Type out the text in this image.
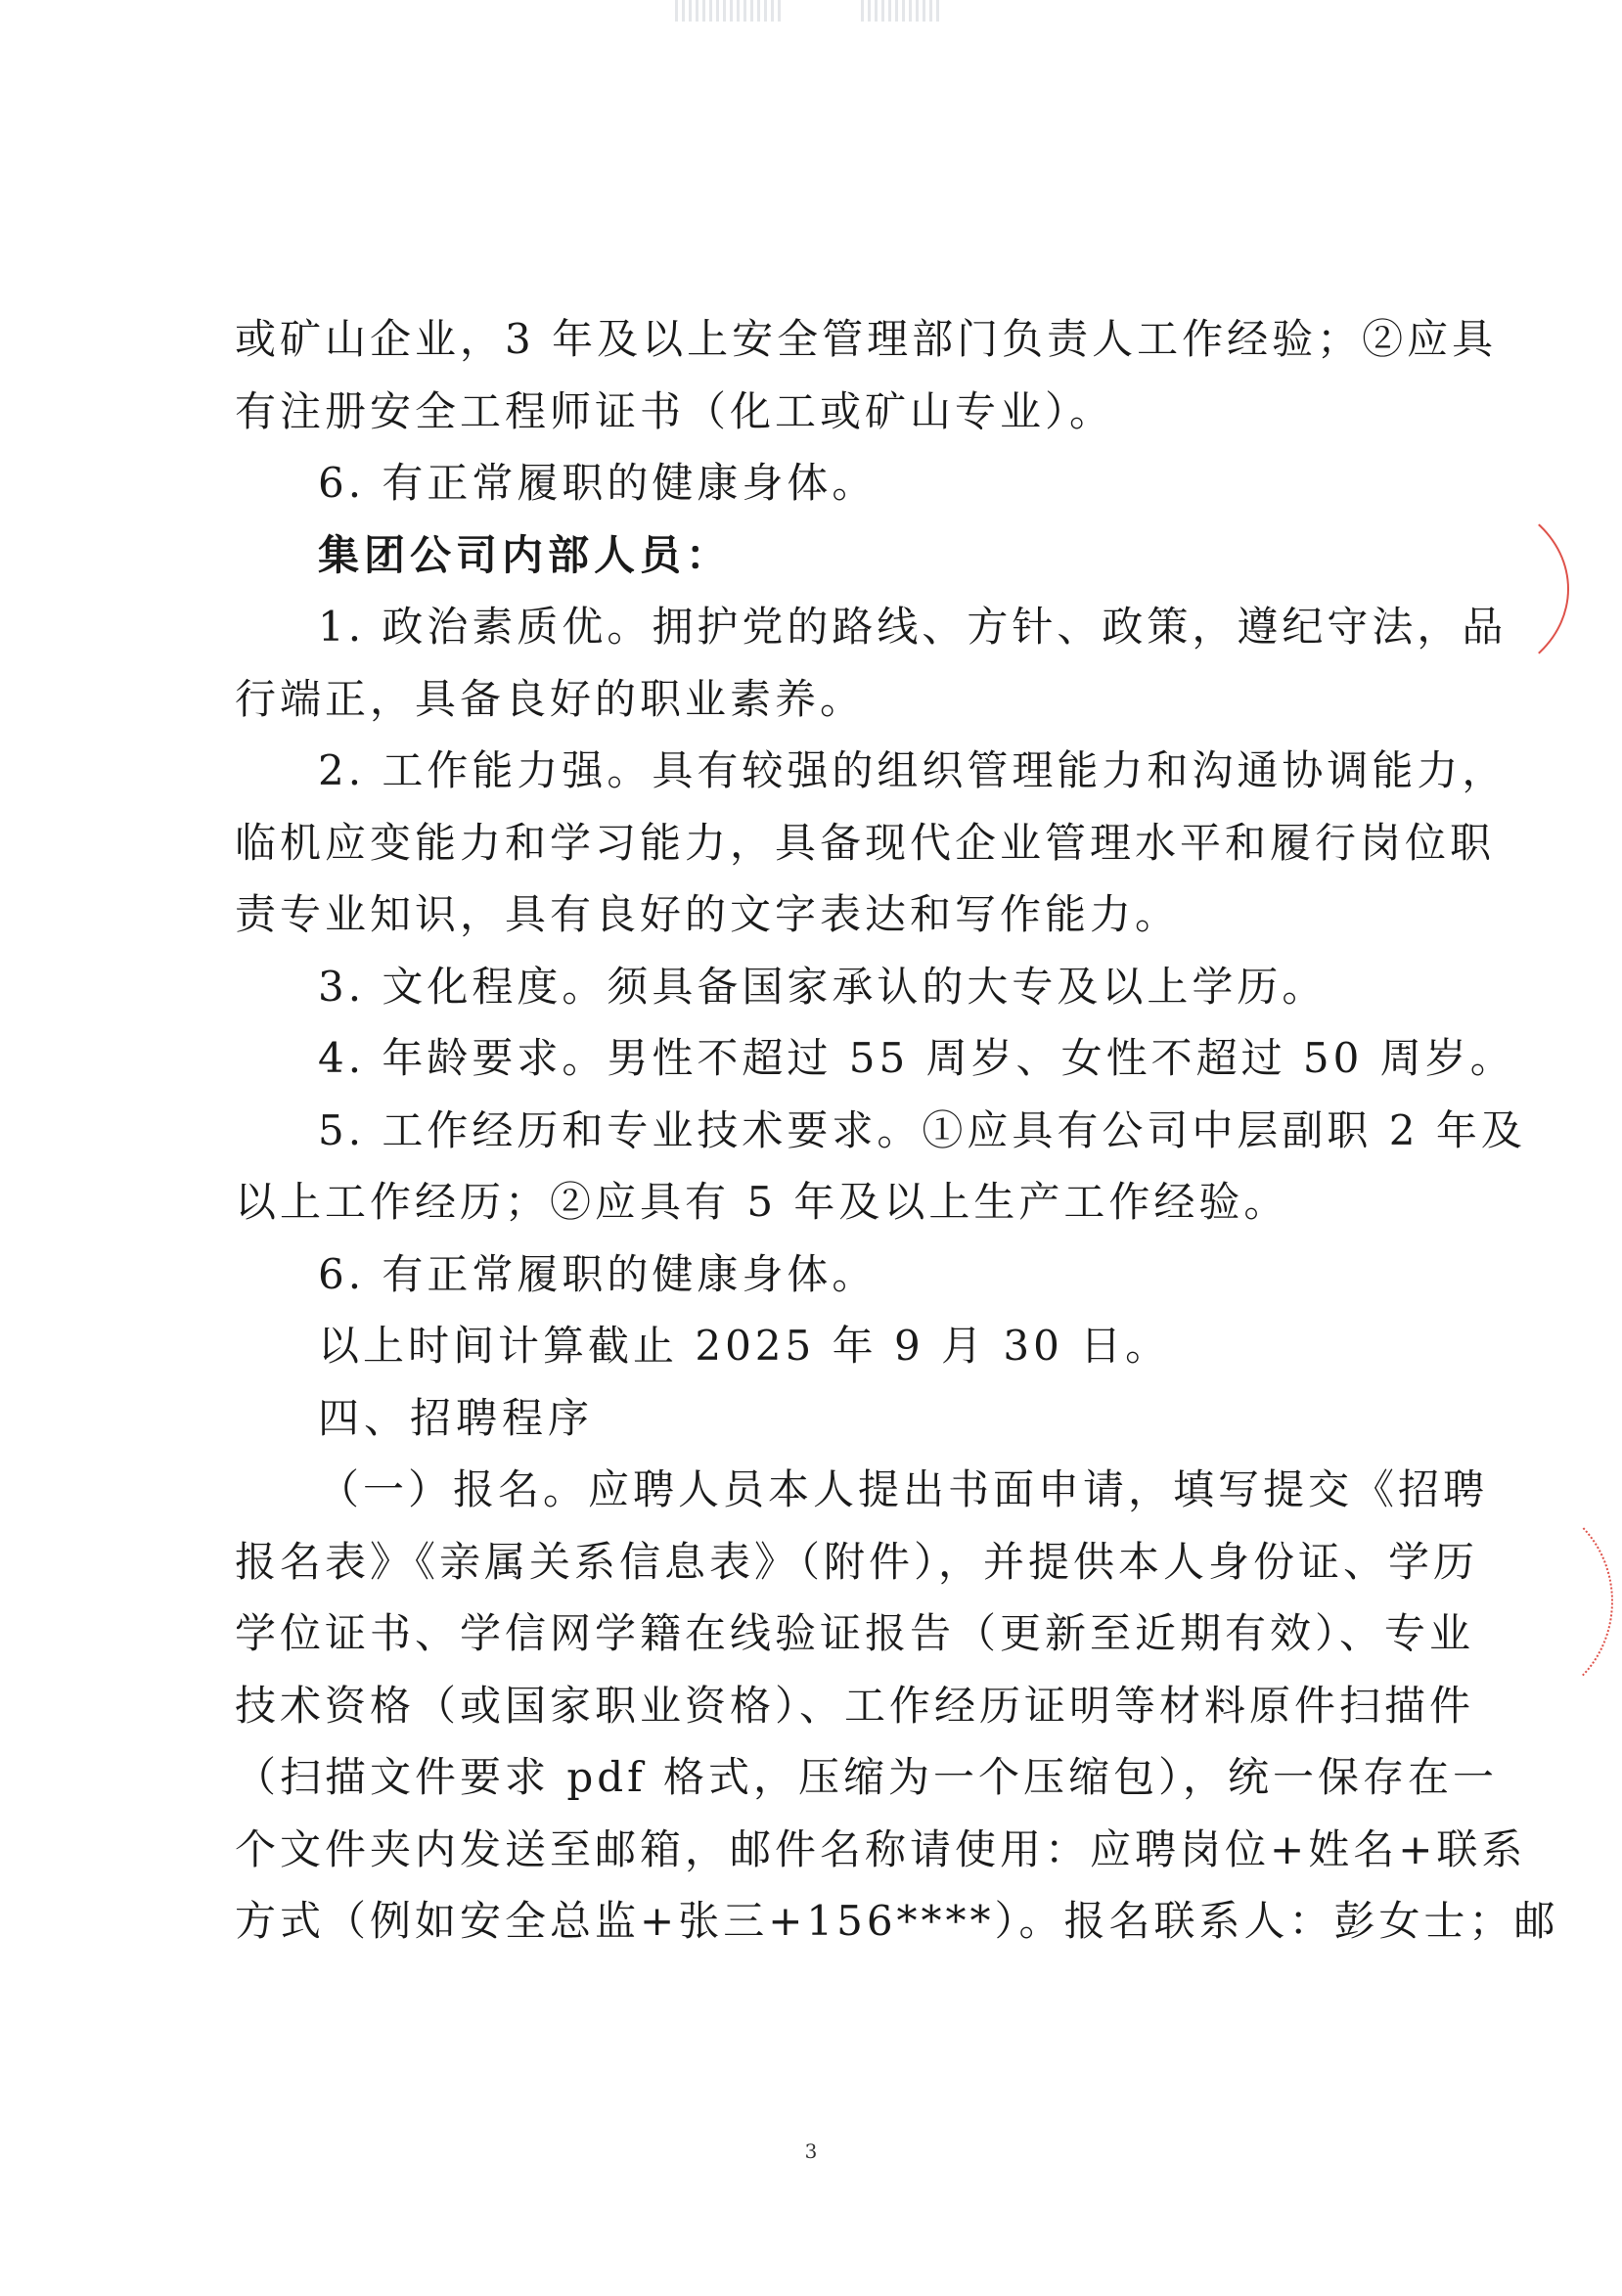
或矿山企业，3 年及以上安全管理部门负责人工作经验；②应具
有注册安全工程师证书（化工或矿山专业）。
6. 有正常履职的健康身体。
集团公司内部人员：
1. 政治素质优。拥护党的路线、方针、政策，遵纪守法，品
行端正，具备良好的职业素养。
2. 工作能力强。具有较强的组织管理能力和沟通协调能力，
临机应变能力和学习能力，具备现代企业管理水平和履行岗位职
责专业知识，具有良好的文字表达和写作能力。
3. 文化程度。须具备国家承认的大专及以上学历。
4. 年龄要求。男性不超过 55 周岁、女性不超过 50 周岁。
5. 工作经历和专业技术要求。①应具有公司中层副职 2 年及
以上工作经历；②应具有 5 年及以上生产工作经验。
6. 有正常履职的健康身体。
以上时间计算截止 2025 年 9 月 30 日。
四、招聘程序
（一）报名。应聘人员本人提出书面申请，填写提交《招聘
报名表》《亲属关系信息表》（附件），并提供本人身份证、学历
学位证书、学信网学籍在线验证报告（更新至近期有效）、专业
技术资格（或国家职业资格）、工作经历证明等材料原件扫描件
（扫描文件要求 pdf 格式，压缩为一个压缩包），统一保存在一
个文件夹内发送至邮箱，邮件名称请使用：应聘岗位+姓名+联系
方式（例如安全总监+张三+156****）。报名联系人：彭女士；邮
3
